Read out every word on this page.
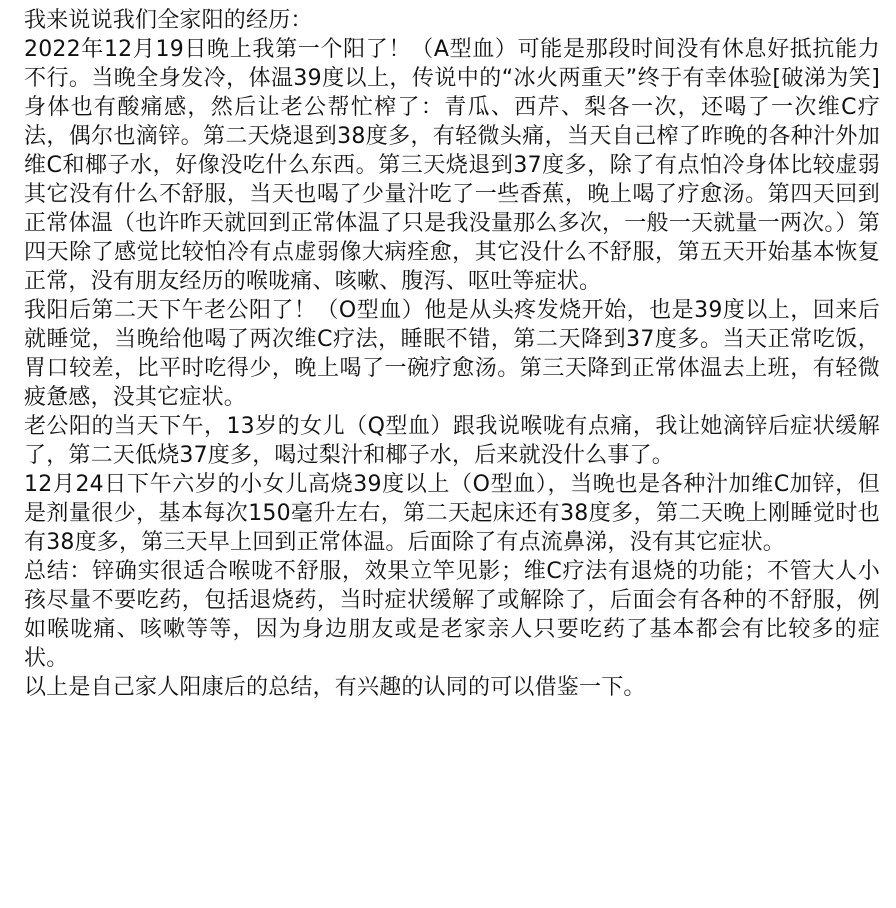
我来说说我们全家阳的经历：

2022年12月19日晚上我第一个阳了！（A型血）可能是那段时间没有休息好抵抗能力不行。当晚全身发冷，体温39度以上，传说中的“冰火两重天”终于有幸体验[破涕为笑]身体也有酸痛感，然后让老公帮忙榨了：青瓜、西芹、梨各一次，还喝了一次维C疗法，偶尔也滴锌。第二天烧退到38度多，有轻微头痛，当天自己榨了昨晚的各种汁外加维C和椰子水，好像没吃什么东西。第三天烧退到37度多，除了有点怕冷身体比较虚弱其它没有什么不舒服，当天也喝了少量汁吃了一些香蕉，晚上喝了疗愈汤。第四天回到正常体温（也许昨天就回到正常体温了只是我没量那么多次，一般一天就量一两次。）第四天除了感觉比较怕冷有点虚弱像大病痊愈，其它没什么不舒服，第五天开始基本恢复正常，没有朋友经历的喉咙痛、咳嗽、腹泻、呕吐等症状。

我阳后第二天下午老公阳了！（O型血）他是从头疼发烧开始，也是39度以上，回来后就睡觉，当晚给他喝了两次维C疗法，睡眠不错，第二天降到37度多。当天正常吃饭，胃口较差，比平时吃得少，晚上喝了一碗疗愈汤。第三天降到正常体温去上班，有轻微疲惫感，没其它症状。

老公阳的当天下午，13岁的女儿（Q型血）跟我说喉咙有点痛，我让她滴锌后症状缓解了，第二天低烧37度多，喝过梨汁和椰子水，后来就没什么事了。

12月24日下午六岁的小女儿高烧39度以上（O型血），当晚也是各种汁加维C加锌，但是剂量很少，基本每次150毫升左右，第二天起床还有38度多，第二天晚上刚睡觉时也有38度多，第三天早上回到正常体温。后面除了有点流鼻涕，没有其它症状。

总结：锌确实很适合喉咙不舒服，效果立竿见影；维C疗法有退烧的功能；不管大人小孩尽量不要吃药，包括退烧药，当时症状缓解了或解除了，后面会有各种的不舒服，例如喉咙痛、咳嗽等等，因为身边朋友或是老家亲人只要吃药了基本都会有比较多的症状。

以上是自己家人阳康后的总结，有兴趣的认同的可以借鉴一下。
